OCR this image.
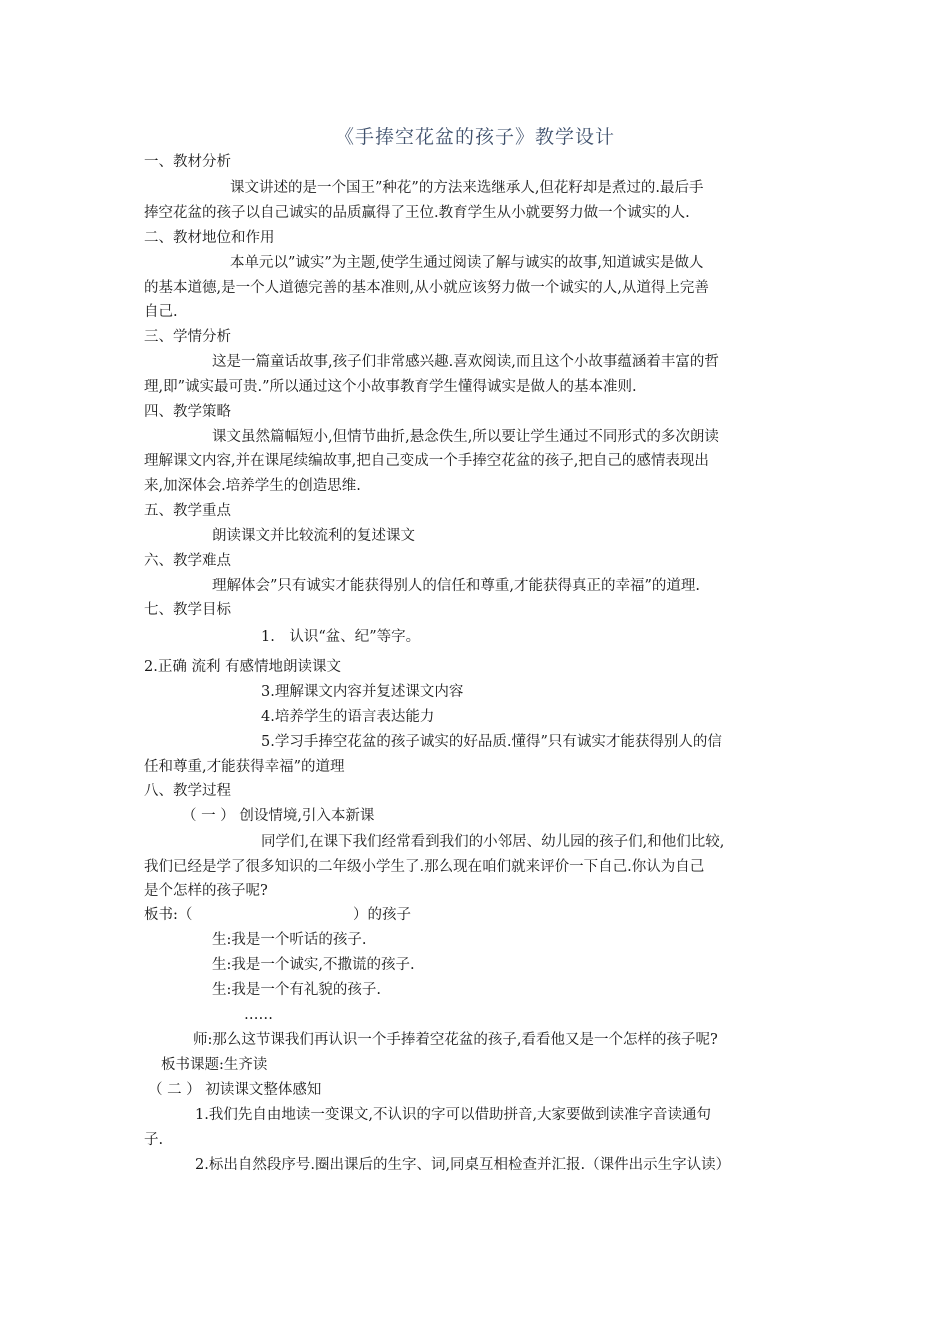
《手捧空花盆的孩子》教学设计
一、教材分析
课文讲述的是一个国王”种花”的方法来选继承人,但花籽却是煮过的.最后手
捧空花盆的孩子以自己诚实的品质赢得了王位.教育学生从小就要努力做一个诚实的人.
二、教材地位和作用
本单元以”诚实”为主题,使学生通过阅读了解与诚实的故事,知道诚实是做人
的基本道德,是一个人道德完善的基本准则,从小就应该努力做一个诚实的人,从道得上完善
自己.
三、学情分析
这是一篇童话故事,孩子们非常感兴趣.喜欢阅读,而且这个小故事蕴涵着丰富的哲
理,即”诚实最可贵.”所以通过这个小故事教育学生懂得诚实是做人的基本准则.
四、教学策略
课文虽然篇幅短小,但情节曲折,悬念佚生,所以要让学生通过不同形式的多次朗读
理解课文内容,并在课尾续编故事,把自己变成一个手捧空花盆的孩子,把自己的感情表现出
来,加深体会.培养学生的创造思维.
五、教学重点
朗读课文并比较流利的复述课文
六、教学难点
理解体会”只有诚实才能获得别人的信任和尊重,才能获得真正的幸福”的道理.
七、教学目标
1.　认识“盆、纪”等字。
2.正确 流利 有感情地朗读课文
3.理解课文内容并复述课文内容
4.培养学生的语言表达能力
5.学习手捧空花盆的孩子诚实的好品质.懂得”只有诚实才能获得别人的信
任和尊重,才能获得幸福”的道理
八、教学过程
（ 一 ） 创设情境,引入本新课
同学们,在课下我们经常看到我们的小邻居、幼儿园的孩子们,和他们比较,
我们已经是学了很多知识的二年级小学生了.那么现在咱们就来评价一下自己.你认为自己
是个怎样的孩子呢?
板书:（	）的孩子
生:我是一个听话的孩子.
生:我是一个诚实,不撒谎的孩子.
生:我是一个有礼貌的孩子.
……
师:那么这节课我们再认识一个手捧着空花盆的孩子,看看他又是一个怎样的孩子呢?
板书课题:生齐读
（ 二 ） 初读课文整体感知
1.我们先自由地读一变课文,不认识的字可以借助拼音,大家要做到读准字音读通句
子.
2.标出自然段序号.圈出课后的生字、词,同桌互相检查并汇报.（课件出示生字认读）
